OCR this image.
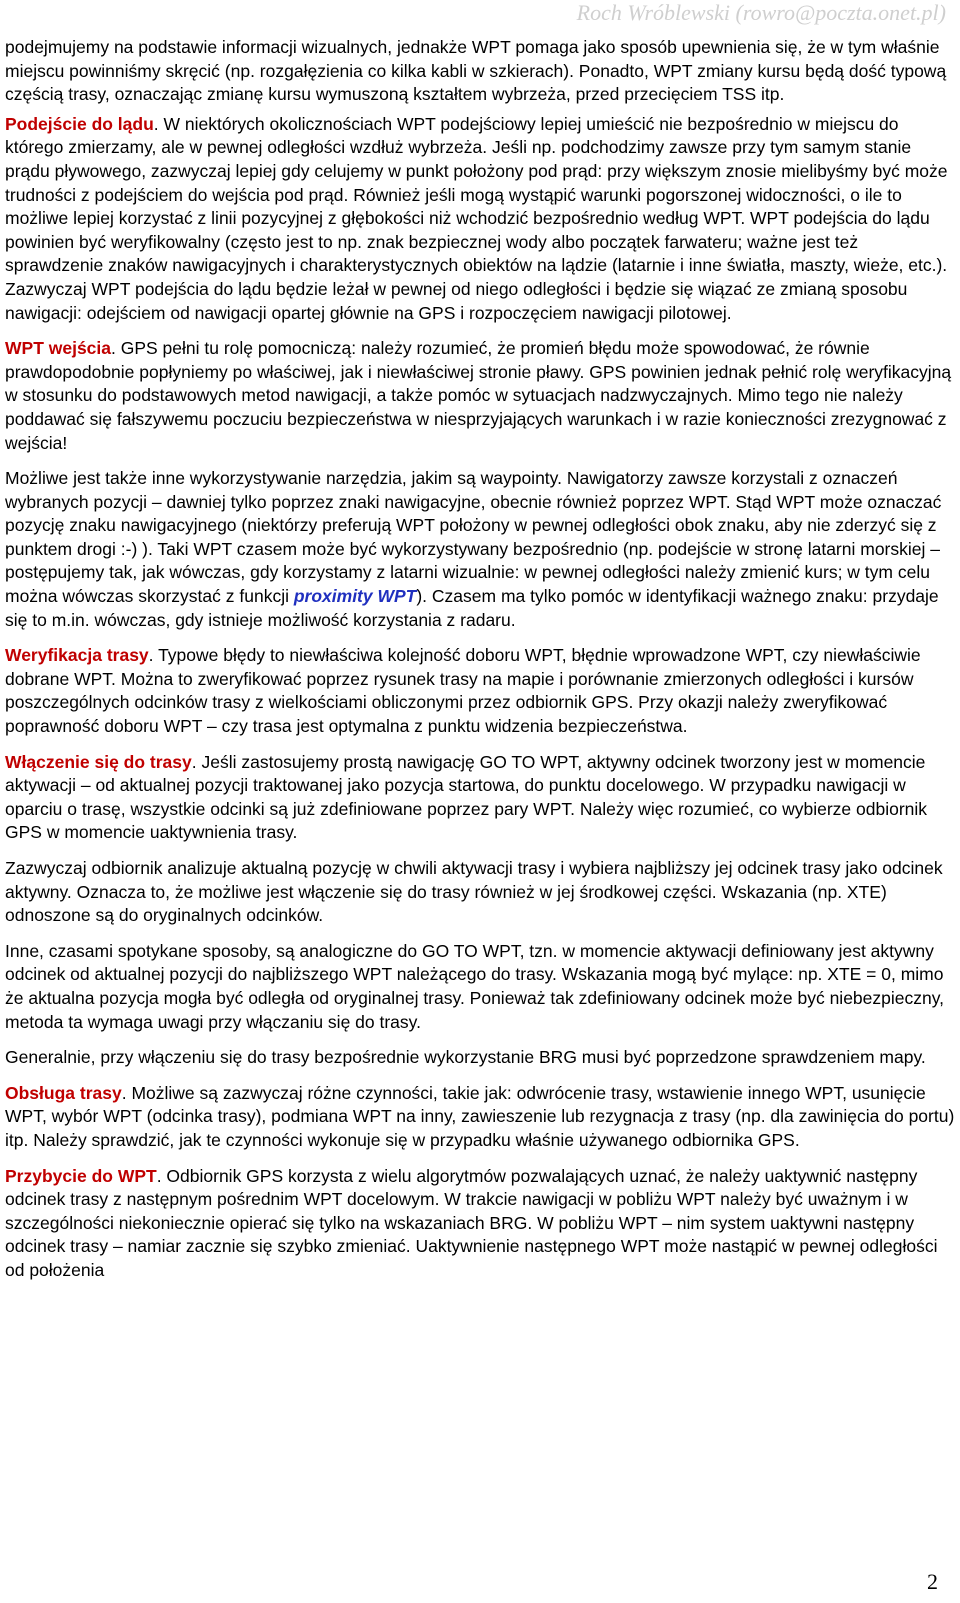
Roch Wróblewski (rowro@poczta.onet.pl)

podejmujemy na podstawie informacji wizualnych, jednakże WPT pomaga jako sposób upewnienia się, że w tym właśnie miejscu powinniśmy skręcić (np. rozgałęzienia co kilka kabli w szkierach). Ponadto, WPT zmiany kursu będą dość typową częścią trasy, oznaczając zmianę kursu wymuszoną kształtem wybrzeża, przed przecięciem TSS itp.

Podejście do lądu. W niektórych okolicznościach WPT podejściowy lepiej umieścić nie bezpośrednio w miejscu do którego zmierzamy, ale w pewnej odległości wzdłuż wybrzeża. Jeśli np. podchodzimy zawsze przy tym samym stanie prądu pływowego, zazwyczaj lepiej gdy celujemy w punkt położony pod prąd: przy większym znosie mielibyśmy być może trudności z podejściem do wejścia pod prąd. Również jeśli mogą wystąpić warunki pogorszonej widoczności, o ile to możliwe lepiej korzystać z linii pozycyjnej z głębokości niż wchodzić bezpośrednio według WPT. WPT podejścia do lądu powinien być weryfikowalny (często jest to np. znak bezpiecznej wody albo początek farwateru; ważne jest też sprawdzenie znaków nawigacyjnych i charakterystycznych obiektów na lądzie (latarnie i inne światła, maszty, wieże, etc.). Zazwyczaj WPT podejścia do lądu będzie leżał w pewnej od niego odległości i będzie się wiązać ze zmianą sposobu nawigacji: odejściem od nawigacji opartej głównie na GPS i rozpoczęciem nawigacji pilotowej.

WPT wejścia. GPS pełni tu rolę pomocniczą: należy rozumieć, że promień błędu może spowodować, że równie prawdopodobnie popłyniemy po właściwej, jak i niewłaściwej stronie pławy. GPS powinien jednak pełnić rolę weryfikacyjną w stosunku do podstawowych metod nawigacji, a także pomóc w sytuacjach nadzwyczajnych. Mimo tego nie należy poddawać się fałszywemu poczuciu bezpieczeństwa w niesprzyjających warunkach i w razie konieczności zrezygnować z wejścia!

Możliwe jest także inne wykorzystywanie narzędzia, jakim są waypointy. Nawigatorzy zawsze korzystali z oznaczeń wybranych pozycji – dawniej tylko poprzez znaki nawigacyjne, obecnie również poprzez WPT. Stąd WPT może oznaczać pozycję znaku nawigacyjnego (niektórzy preferują WPT położony w pewnej odległości obok znaku, aby nie zderzyć się z punktem drogi :-) ). Taki WPT czasem może być wykorzystywany bezpośrednio (np. podejście w stronę latarni morskiej – postępujemy tak, jak wówczas, gdy korzystamy z latarni wizualnie: w pewnej odległości należy zmienić kurs; w tym celu można wówczas skorzystać z funkcji proximity WPT). Czasem ma tylko pomóc w identyfikacji ważnego znaku: przydaje się to m.in. wówczas, gdy istnieje możliwość korzystania z radaru.

Weryfikacja trasy. Typowe błędy to niewłaściwa kolejność doboru WPT, błędnie wprowadzone WPT, czy niewłaściwie dobrane WPT. Można to zweryfikować poprzez rysunek trasy na mapie i porównanie zmierzonych odległości i kursów poszczególnych odcinków trasy z wielkościami obliczonymi przez odbiornik GPS. Przy okazji należy zweryfikować poprawność doboru WPT – czy trasa jest optymalna z punktu widzenia bezpieczeństwa.

Włączenie się do trasy. Jeśli zastosujemy prostą nawigację GO TO WPT, aktywny odcinek tworzony jest w momencie aktywacji – od aktualnej pozycji traktowanej jako pozycja startowa, do punktu docelowego. W przypadku nawigacji w oparciu o trasę, wszystkie odcinki są już zdefiniowane poprzez pary WPT. Należy więc rozumieć, co wybierze odbiornik GPS w momencie uaktywnienia trasy.

Zazwyczaj odbiornik analizuje aktualną pozycję w chwili aktywacji trasy i wybiera najbliższy jej odcinek trasy jako odcinek aktywny. Oznacza to, że możliwe jest włączenie się do trasy również w jej środkowej części. Wskazania (np. XTE) odnoszone są do oryginalnych odcinków.

Inne, czasami spotykane sposoby, są analogiczne do GO TO WPT, tzn. w momencie aktywacji definiowany jest aktywny odcinek od aktualnej pozycji do najbliższego WPT należącego do trasy. Wskazania mogą być mylące: np. XTE = 0, mimo że aktualna pozycja mogła być odległa od oryginalnej trasy. Ponieważ tak zdefiniowany odcinek może być niebezpieczny, metoda ta wymaga uwagi przy włączaniu się do trasy.

Generalnie, przy włączeniu się do trasy bezpośrednie wykorzystanie BRG musi być poprzedzone sprawdzeniem mapy.

Obsługa trasy. Możliwe są zazwyczaj różne czynności, takie jak: odwrócenie trasy, wstawienie innego WPT, usunięcie WPT, wybór WPT (odcinka trasy), podmiana WPT na inny, zawieszenie lub rezygnacja z trasy (np. dla zawinięcia do portu) itp. Należy sprawdzić, jak te czynności wykonuje się w przypadku właśnie używanego odbiornika GPS.

Przybycie do WPT. Odbiornik GPS korzysta z wielu algorytmów pozwalających uznać, że należy uaktywnić następny odcinek trasy z następnym pośrednim WPT docelowym. W trakcie nawigacji w pobliżu WPT należy być uważnym i w szczególności niekoniecznie opierać się tylko na wskazaniach BRG. W pobliżu WPT – nim system uaktywni następny odcinek trasy – namiar zacznie się szybko zmieniać. Uaktywnienie następnego WPT może nastąpić w pewnej odległości od położenia

2
